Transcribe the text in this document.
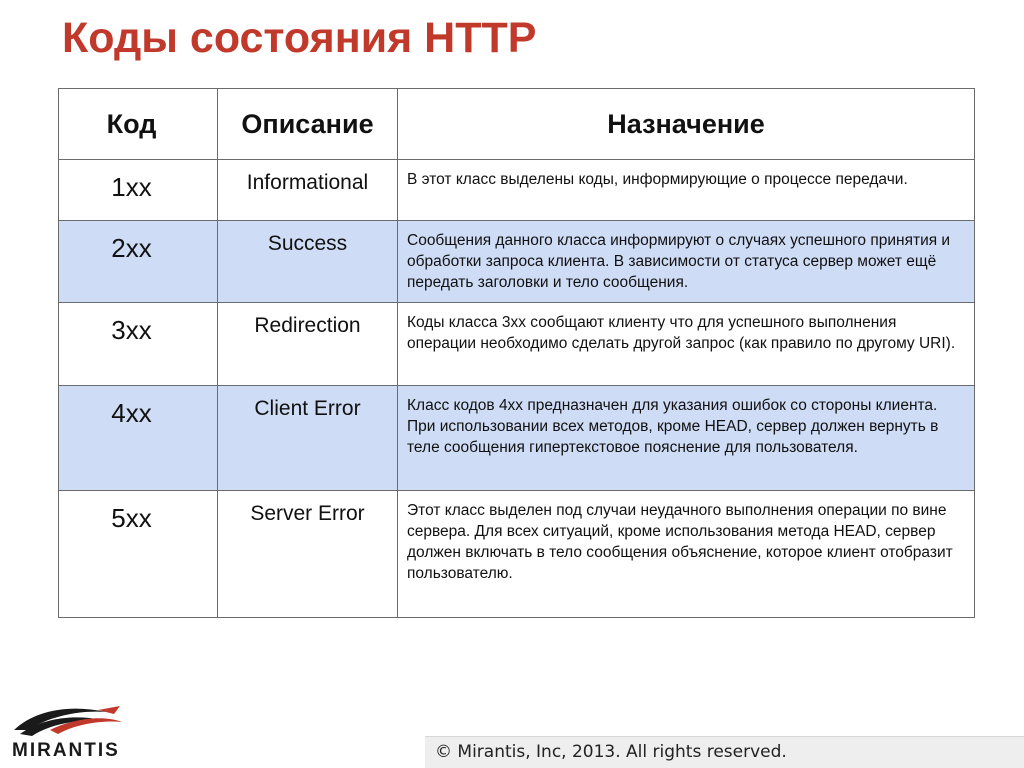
Коды состояния HTTP
Код	Описание	Назначение
1xx	Informational	В этот класс выделены коды, информирующие о процессе передачи.
2xx	Success	Сообщения данного класса информируют о случаях успешного принятия и обработки запроса клиента. В зависимости от статуса сервер может ещё передать заголовки и тело сообщения.
3xx	Redirection	Коды класса 3xx сообщают клиенту что для успешного выполнения операции необходимо сделать другой запрос (как правило по другому URI).
4xx	Client Error	Класс кодов 4xx предназначен для указания ошибок со стороны клиента. При использовании всех методов, кроме HEAD, сервер должен вернуть в теле сообщения гипертекстовое пояснение для пользователя.
5xx	Server Error	Этот класс выделен под случаи неудачного выполнения операции по вине сервера. Для всех ситуаций, кроме использования метода HEAD, сервер должен включать в тело сообщения объяснение, которое клиент отобразит пользователю.
MIRANTIS	© Mirantis, Inc, 2013. All rights reserved.
